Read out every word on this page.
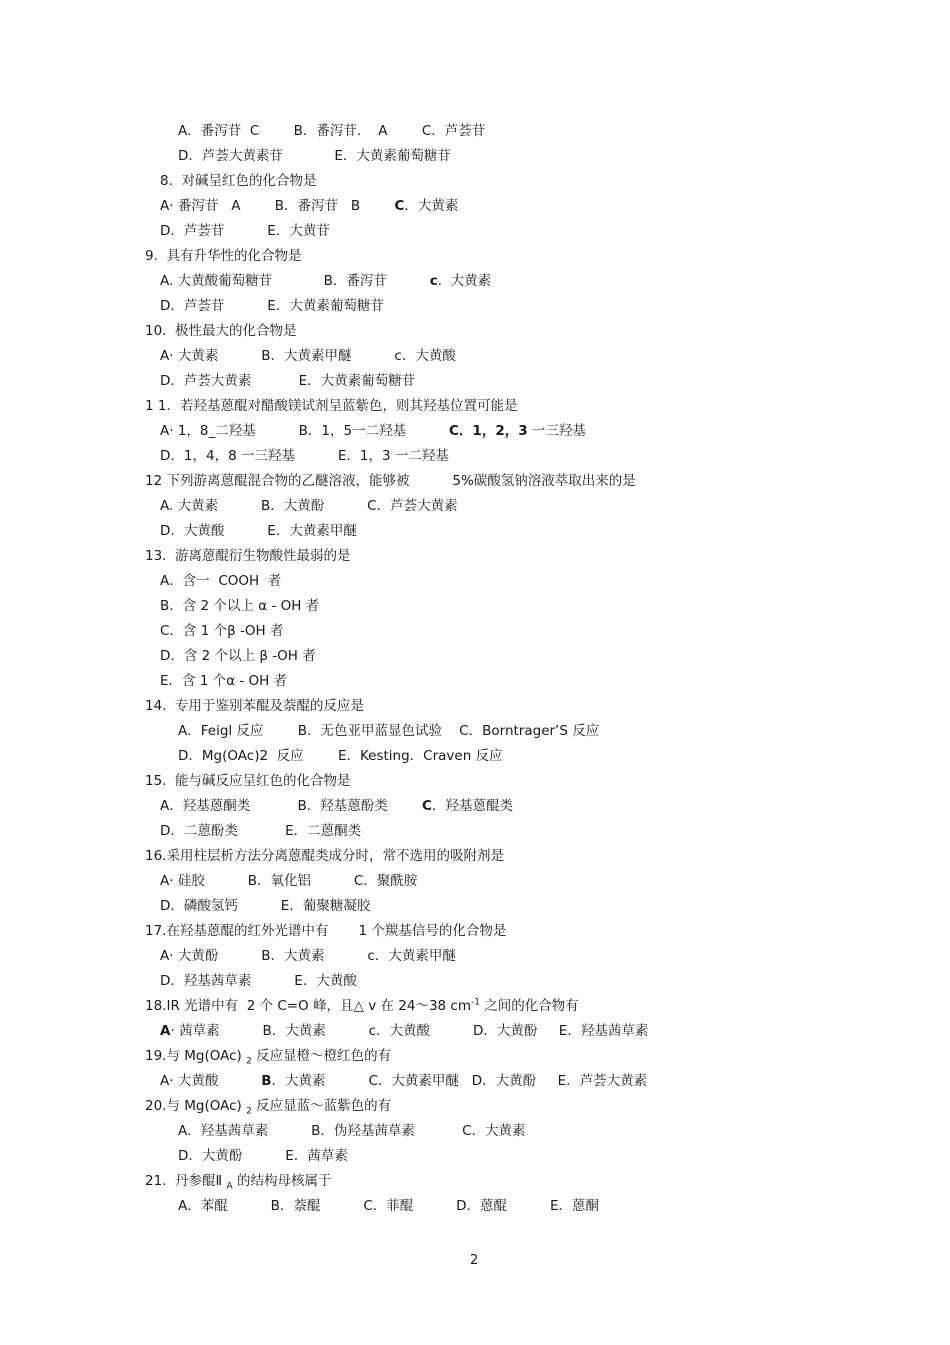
A．番泻苷  C        B．番泻苷.    A        C．芦荟苷
D．芦荟大黄素苷            E．大黄素葡萄糖苷
8.  对碱呈红色的化合物是
A· 番泻苷   A        B．番泻苷   B        C．大黄素
D．芦荟苷          E．大黄苷
9.  具有升华性的化合物是
A. 大黄酸葡萄糖苷            B．番泻苷          c.  大黄素
D．芦荟苷          E．大黄素葡萄糖苷
10.  极性最大的化合物是
A· 大黄素          B．大黄素甲醚          c．大黄酸
D．芦荟大黄素           E．大黄素葡萄糖苷
1 1．若羟基蒽醌对醋酸镁试剂呈蓝紫色，则其羟基位置可能是
A· 1，8_二羟基          B．1，5一二羟基          C．1，2，3 一三羟基
D．1，4，8 一三羟基          E．1，3 一二羟基
12 下列游离蒽醌混合物的乙醚溶液，能够被          5%碳酸氢钠溶液萃取出来的是
A. 大黄素          B．大黄酚          C．芦荟大黄素
D．大黄酸          E．大黄素甲醚
13.  游离蒽醌衍生物酸性最弱的是
A．含一  COOH  者
B．含 2 个以上 α - OH 者
C．含 1 个β -OH 者
D．含 2 个以上 β -OH 者
E．含 1 个α - OH 者
14.  专用于鉴别苯醌及萘醌的反应是
A．Feigl 反应        B．无色亚甲蓝显色试验    C．Borntrager’S 反应
D．Mg(OAc)2  反应        E．Kesting．Craven 反应
15.  能与碱反应呈红色的化合物是
A．羟基蒽酮类           B．羟基蒽酚类        C．羟基蒽醌类
D．二蒽酚类           E．二蒽酮类
16.采用柱层析方法分离蒽醌类成分时，常不选用的吸附剂是
A· 硅胶          B．氧化铝          C．聚酰胺
D．磷酸氢钙          E．葡聚糖凝胶
17.在羟基蒽醌的红外光谱中有       1 个羰基信号的化合物是
A· 大黄酚          B．大黄素          c．大黄素甲醚
D．羟基茜草素          E．大黄酸
18.IR 光谱中有  2 个 C=O 峰，且△ v 在 24～38 $cm^{-1}$ 之间的化合物有
A· 茜草素          B．大黄素          c．大黄酸          D．大黄酚     E．羟基茜草素
19.与 Mg(OAc) $_2$ 反应显橙～橙红色的有
A· 大黄酸          B．大黄素          C．大黄素甲醚   D．大黄酚     E．芦荟大黄素
20.与 Mg(OAc) $_2$ 反应显蓝～蓝紫色的有
A．羟基茜草素          B．伪羟基茜草素           C．大黄素
D．大黄酚          E．茜草素
21.  丹参醌Ⅱ $_A$ 的结构母核属于
A．苯醌          B．萘醌          C．菲醌          D．蒽醌          E．蒽酮
2
